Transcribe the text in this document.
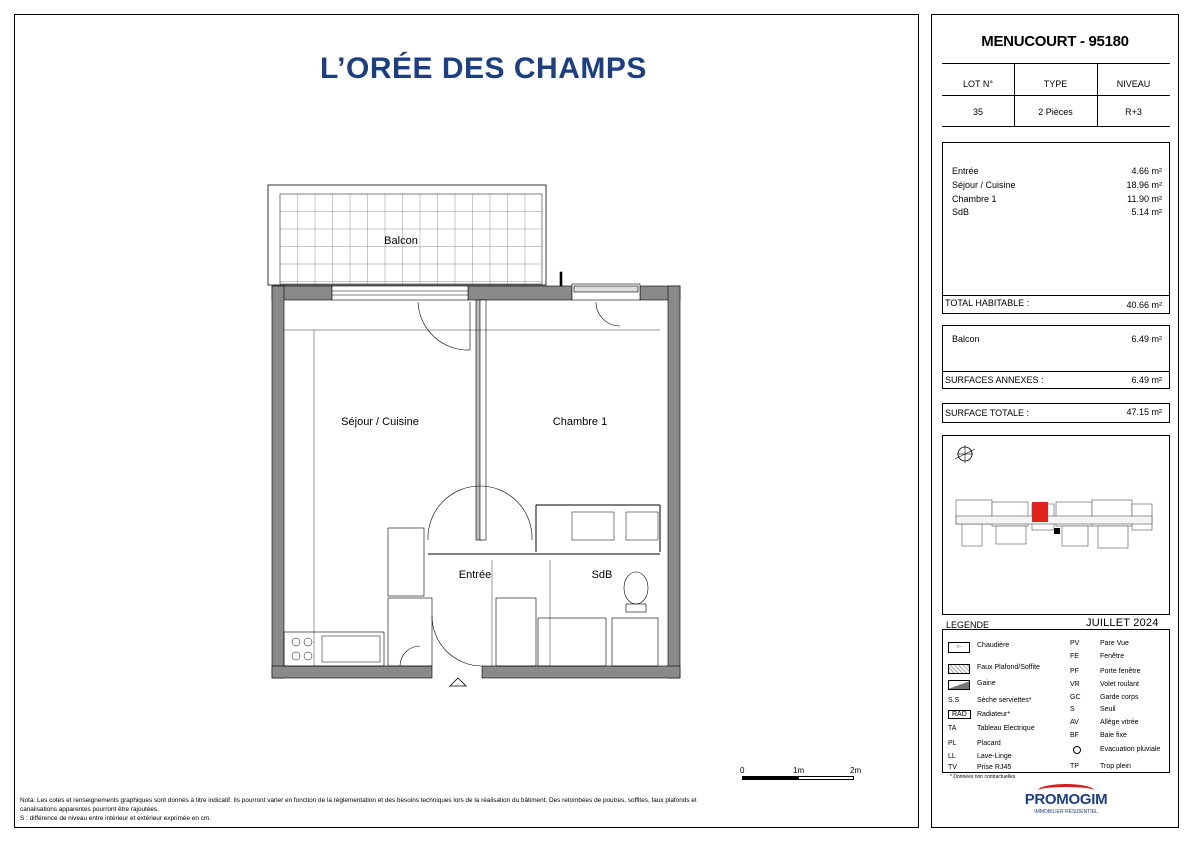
L’ORÉE DES CHAMPS
Balcon
Séjour / Cuisine	Chambre 1
Entrée	SdB
0	1m	2m
Nota: Les cotes et renseignements graphiques sont donnés à titre indicatif. Ils pourront varier en fonction de la réglementation et des besoins techniques lors de la réalisation du bâtiment. Des retombées de poutres, soffites, faux plafonds et
canalisations apparentes pourront être rajoutées.
S : différence de niveau entre intérieur et extérieur exprimée en cm.
MENUCOURT - 95180
LOT N°	TYPE	NIVEAU
35	2 Pièces	R+3
Entrée	4.66 m²
Séjour / Cuisine	18.96 m²
Chambre 1	11.90 m²
SdB	5.14 m²
TOTAL HABITABLE :	40.66 m²
Balcon	6.49 m²
SURFACES ANNEXES :	6.49 m²
SURFACE TOTALE :	47.15 m²
LEGENDE	JUILLET 2024
○·	Chaudière
Faux Plafond/Soffite
Gaine
S.S	Sèche serviettes*
RAD	Radiateur*
TA	Tableau Electrique
PL	Placard
LL	Lave-Linge
TV	Prise RJ45
PV	Pare Vue
FE	Fenêtre
PF	Porte fenêtre
VR	Volet roulant
GC	Garde corps
S	Seuil
AV	Allège vitrée
BF	Baie fixe
Evacuation pluviale
TP	Trop plein
* Données non contractuelles
PROMOGIM
IMMOBILIER RÉSIDENTIEL
